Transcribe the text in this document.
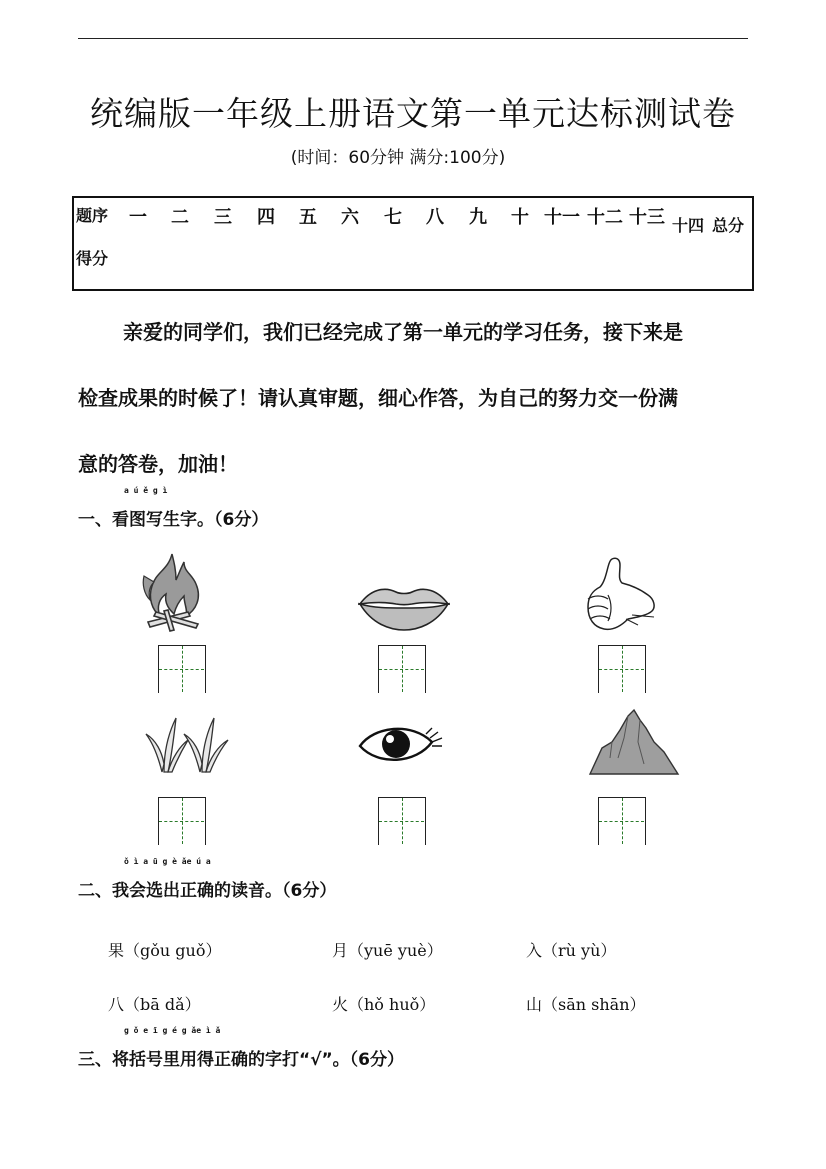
统编版一年级上册语文第一单元达标测试卷
(时间：60分钟 满分:100分)
题序 一 二 三 四 五 六 七 八 九 十 十一 十二 十三 十四 总分
得分
亲爱的同学们，我们已经完成了第一单元的学习任务，接下来是
检查成果的时候了！请认真审题，细心作答，为自己的努力交一份满
意的答卷，加油！
a ú ě g ì
一、看图写生字。（6分）
ǒ ì a ū g è ǎe ú a
二、我会选出正确的读音。（6分）
果（gǒu guǒ）	月（yuē yuè）	入（rù yù）
八（bā dǎ）	火（hǒ huǒ）	山（sān shān）
g ǒ e ī g é g ǎe ì ǎ
三、将括号里用得正确的字打“√”。（6分）
